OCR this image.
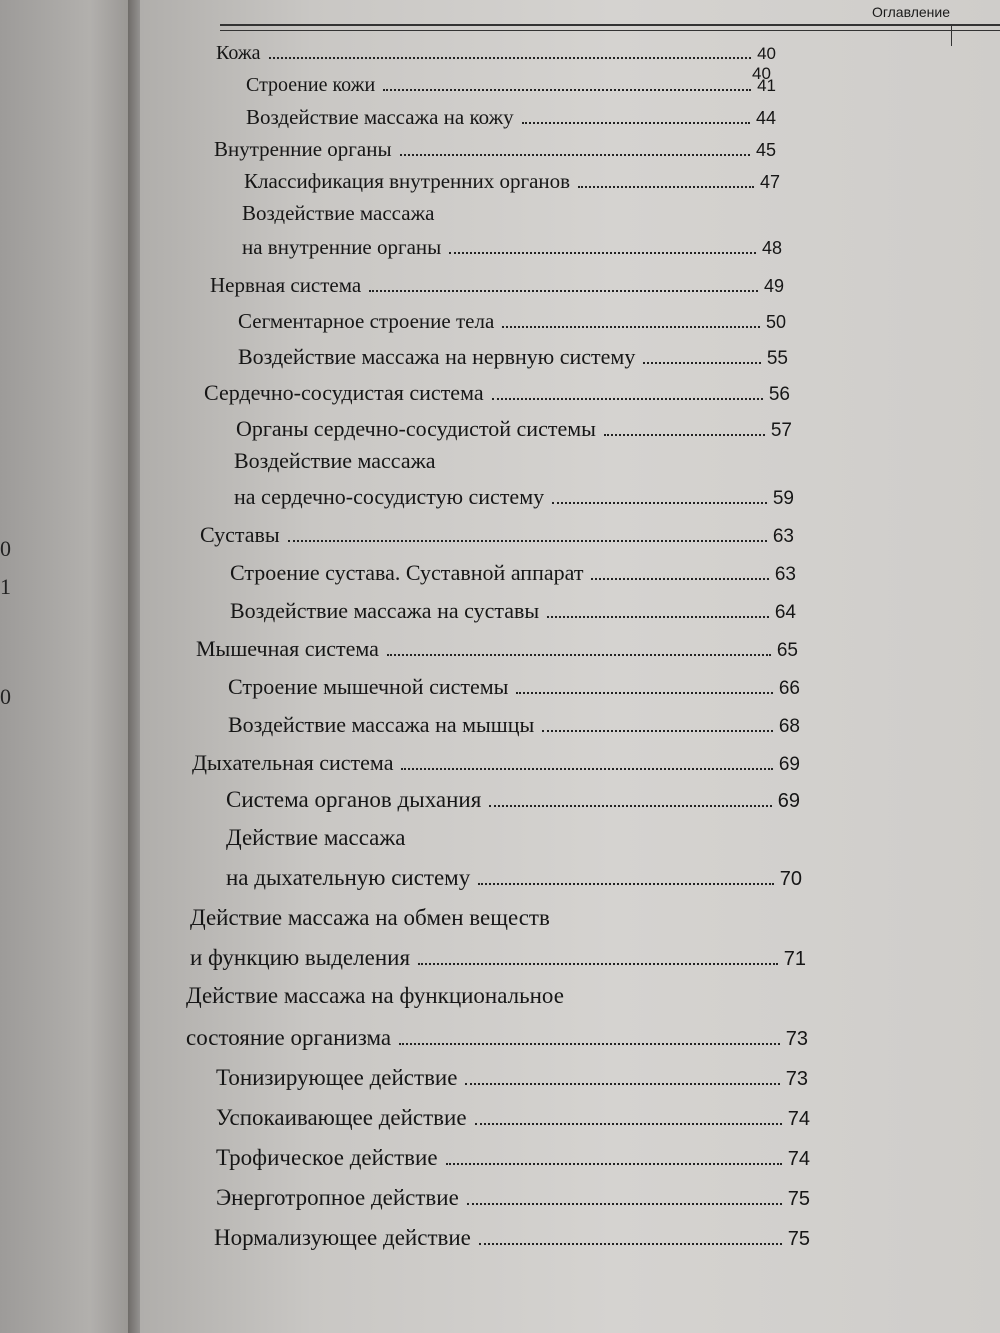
0
1
0
Оглавление
Кожа	40
Строение кожи	41
Воздействие массажа на кожу	44
Внутренние органы	45
Классификация внутренних органов	47
Воздействие массажа
на внутренние органы	48
Нервная система	49
Сегментарное строение тела	50
Воздействие массажа на нервную систему	55
Сердечно-сосудистая система	56
Органы сердечно-сосудистой системы	57
Воздействие массажа
на сердечно-сосудистую систему	59
Суставы	63
Строение сустава. Суставной аппарат	63
Воздействие массажа на суставы	64
Мышечная система	65
Строение мышечной системы	66
Воздействие массажа на мышцы	68
Дыхательная система	69
Система органов дыхания	69
Действие массажа
на дыхательную систему	70
Действие массажа на обмен веществ
и функцию выделения	71
Действие массажа на функциональное
состояние организма	73
Тонизирующее действие	73
Успокаивающее действие	74
Трофическое действие	74
Энерготропное действие	75
Нормализующее действие	75
40
